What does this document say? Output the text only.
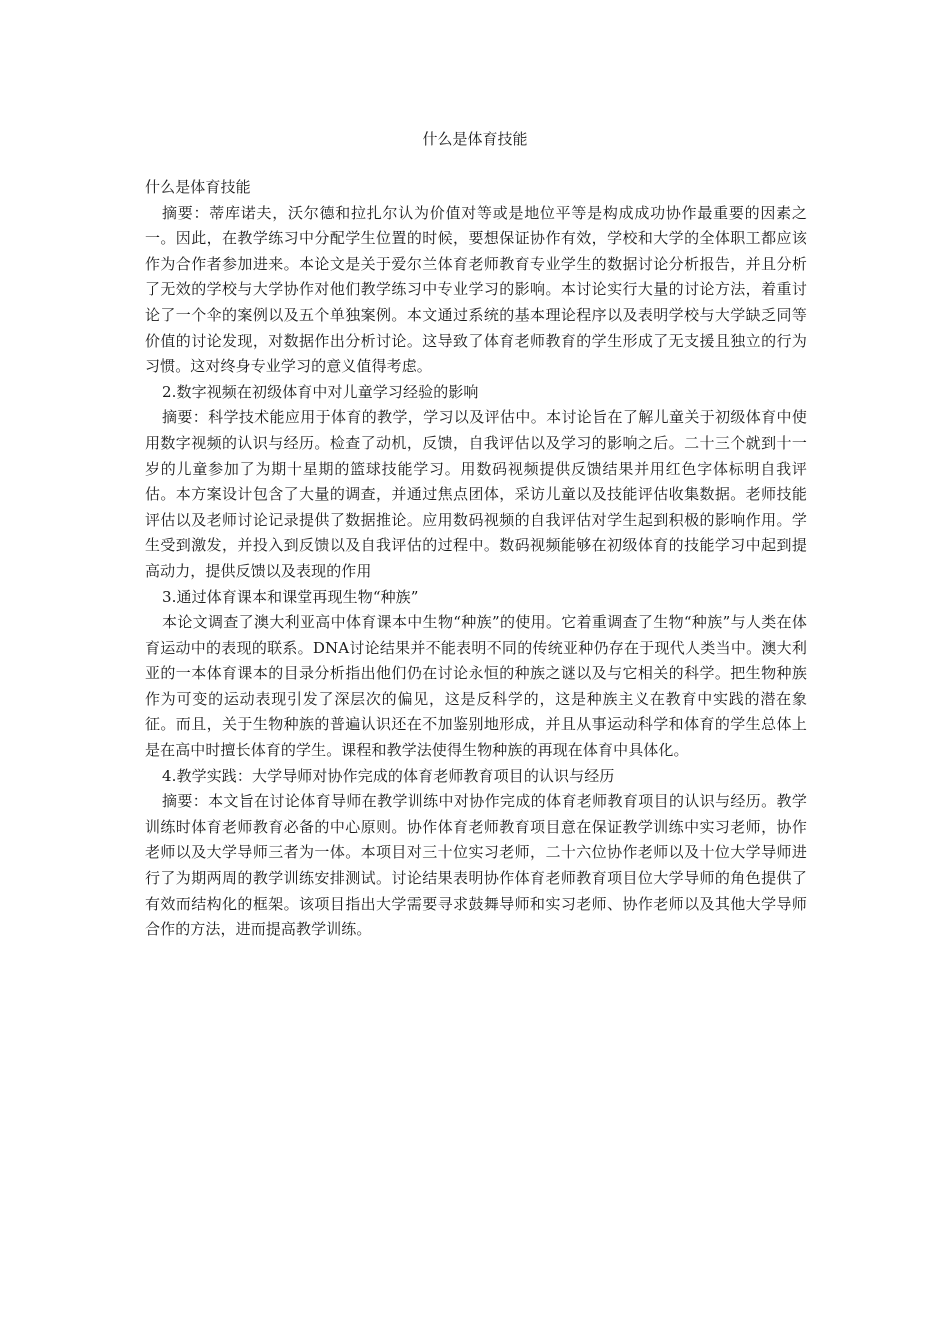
什么是体育技能

什么是体育技能

摘要：蒂库诺夫，沃尔德和拉扎尔认为价值对等或是地位平等是构成成功协作最重要的因素之一。因此，在教学练习中分配学生位置的时候，要想保证协作有效，学校和大学的全体职工都应该作为合作者参加进来。本论文是关于爱尔兰体育老师教育专业学生的数据讨论分析报告，并且分析了无效的学校与大学协作对他们教学练习中专业学习的影响。本讨论实行大量的讨论方法，着重讨论了一个伞的案例以及五个单独案例。本文通过系统的基本理论程序以及表明学校与大学缺乏同等价值的讨论发现，对数据作出分析讨论。这导致了体育老师教育的学生形成了无支援且独立的行为习惯。这对终身专业学习的意义值得考虑。

2.数字视频在初级体育中对儿童学习经验的影响

摘要：科学技术能应用于体育的教学，学习以及评估中。本讨论旨在了解儿童关于初级体育中使用数字视频的认识与经历。检查了动机，反馈，自我评估以及学习的影响之后。二十三个就到十一岁的儿童参加了为期十星期的篮球技能学习。用数码视频提供反馈结果并用红色字体标明自我评估。本方案设计包含了大量的调查，并通过焦点团体，采访儿童以及技能评估收集数据。老师技能评估以及老师讨论记录提供了数据推论。应用数码视频的自我评估对学生起到积极的影响作用。学生受到激发，并投入到反馈以及自我评估的过程中。数码视频能够在初级体育的技能学习中起到提高动力，提供反馈以及表现的作用

3.通过体育课本和课堂再现生物“种族”

本论文调查了澳大利亚高中体育课本中生物“种族”的使用。它着重调查了生物“种族”与人类在体育运动中的表现的联系。DNA讨论结果并不能表明不同的传统亚种仍存在于现代人类当中。澳大利亚的一本体育课本的目录分析指出他们仍在讨论永恒的种族之谜以及与它相关的科学。把生物种族作为可变的运动表现引发了深层次的偏见，这是反科学的，这是种族主义在教育中实践的潜在象征。而且，关于生物种族的普遍认识还在不加鉴别地形成，并且从事运动科学和体育的学生总体上是在高中时擅长体育的学生。课程和教学法使得生物种族的再现在体育中具体化。

4.教学实践：大学导师对协作完成的体育老师教育项目的认识与经历

摘要：本文旨在讨论体育导师在教学训练中对协作完成的体育老师教育项目的认识与经历。教学训练时体育老师教育必备的中心原则。协作体育老师教育项目意在保证教学训练中实习老师，协作老师以及大学导师三者为一体。本项目对三十位实习老师，二十六位协作老师以及十位大学导师进行了为期两周的教学训练安排测试。讨论结果表明协作体育老师教育项目位大学导师的角色提供了有效而结构化的框架。该项目指出大学需要寻求鼓舞导师和实习老师、协作老师以及其他大学导师合作的方法，进而提高教学训练。
